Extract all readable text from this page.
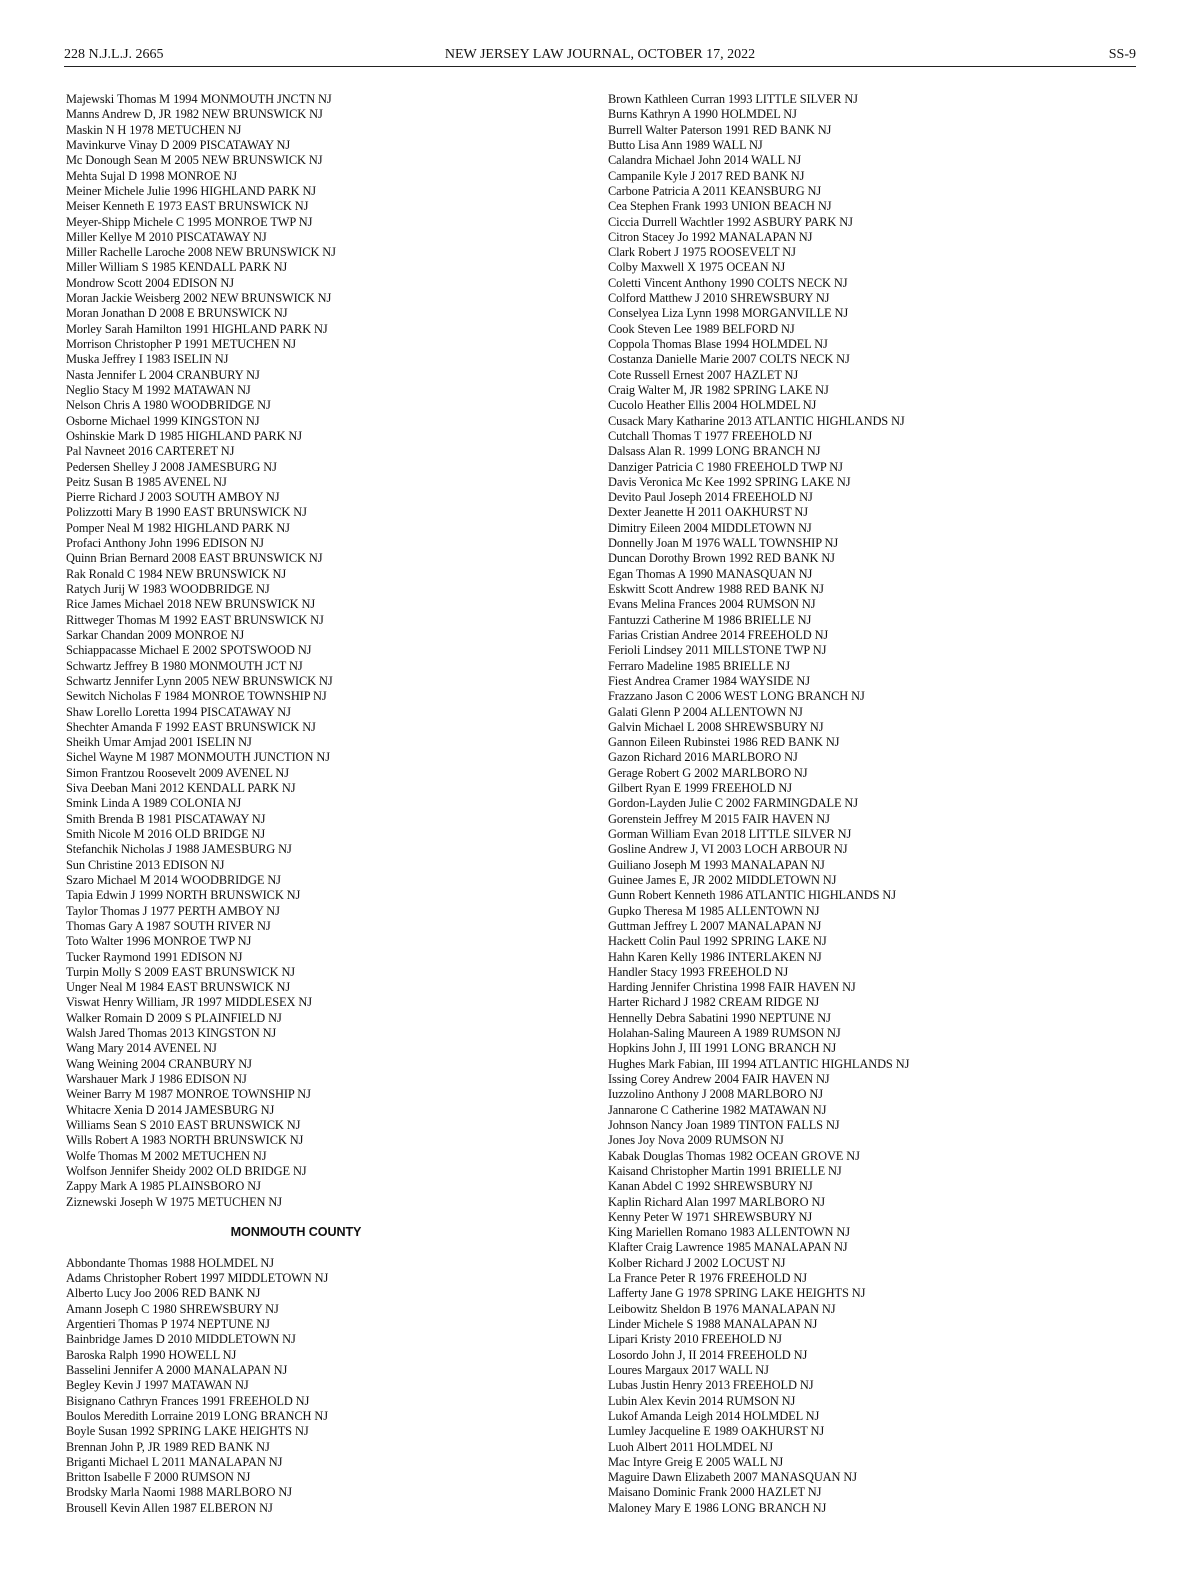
228 N.J.L.J. 2665	NEW JERSEY LAW JOURNAL, OCTOBER 17, 2022	SS-9
Majewski Thomas M 1994 MONMOUTH JNCTN NJ
Manns Andrew D, JR 1982 NEW BRUNSWICK NJ
Maskin N H 1978 METUCHEN NJ
Mavinkurve Vinay D 2009 PISCATAWAY NJ
Mc Donough Sean M 2005 NEW BRUNSWICK NJ
Mehta Sujal D 1998 MONROE NJ
Meiner Michele Julie 1996 HIGHLAND PARK NJ
Meiser Kenneth E 1973 EAST BRUNSWICK NJ
Meyer-Shipp Michele C 1995 MONROE TWP NJ
Miller Kellye M 2010 PISCATAWAY NJ
Miller Rachelle Laroche 2008 NEW BRUNSWICK NJ
Miller William S 1985 KENDALL PARK NJ
Mondrow Scott 2004 EDISON NJ
Moran Jackie Weisberg 2002 NEW BRUNSWICK NJ
Moran Jonathan D 2008 E BRUNSWICK NJ
Morley Sarah Hamilton 1991 HIGHLAND PARK NJ
Morrison Christopher P 1991 METUCHEN NJ
Muska Jeffrey I 1983 ISELIN NJ
Nasta Jennifer L 2004 CRANBURY NJ
Neglio Stacy M 1992 MATAWAN NJ
Nelson Chris A 1980 WOODBRIDGE NJ
Osborne Michael 1999 KINGSTON NJ
Oshinskie Mark D 1985 HIGHLAND PARK NJ
Pal Navneet 2016 CARTERET NJ
Pedersen Shelley J 2008 JAMESBURG NJ
Peitz Susan B 1985 AVENEL NJ
Pierre Richard J 2003 SOUTH AMBOY NJ
Polizzotti Mary B 1990 EAST BRUNSWICK NJ
Pomper Neal M 1982 HIGHLAND PARK NJ
Profaci Anthony John 1996 EDISON NJ
Quinn Brian Bernard 2008 EAST BRUNSWICK NJ
Rak Ronald C 1984 NEW BRUNSWICK NJ
Ratych Jurij W 1983 WOODBRIDGE NJ
Rice James Michael 2018 NEW BRUNSWICK NJ
Rittweger Thomas M 1992 EAST BRUNSWICK NJ
Sarkar Chandan 2009 MONROE NJ
Schiappacasse Michael E 2002 SPOTSWOOD NJ
Schwartz Jeffrey B 1980 MONMOUTH JCT NJ
Schwartz Jennifer Lynn 2005 NEW BRUNSWICK NJ
Sewitch Nicholas F 1984 MONROE TOWNSHIP NJ
Shaw Lorello Loretta 1994 PISCATAWAY NJ
Shechter Amanda F 1992 EAST BRUNSWICK NJ
Sheikh Umar Amjad 2001 ISELIN NJ
Sichel Wayne M 1987 MONMOUTH JUNCTION NJ
Simon Frantzou Roosevelt 2009 AVENEL NJ
Siva Deeban Mani 2012 KENDALL PARK NJ
Smink Linda A 1989 COLONIA NJ
Smith Brenda B 1981 PISCATAWAY NJ
Smith Nicole M 2016 OLD BRIDGE NJ
Stefanchik Nicholas J 1988 JAMESBURG NJ
Sun Christine 2013 EDISON NJ
Szaro Michael M 2014 WOODBRIDGE NJ
Tapia Edwin J 1999 NORTH BRUNSWICK NJ
Taylor Thomas J 1977 PERTH AMBOY NJ
Thomas Gary A 1987 SOUTH RIVER NJ
Toto Walter 1996 MONROE TWP NJ
Tucker Raymond 1991 EDISON NJ
Turpin Molly S 2009 EAST BRUNSWICK NJ
Unger Neal M 1984 EAST BRUNSWICK NJ
Viswat Henry William, JR 1997 MIDDLESEX NJ
Walker Romain D 2009 S PLAINFIELD NJ
Walsh Jared Thomas 2013 KINGSTON NJ
Wang Mary 2014 AVENEL NJ
Wang Weining 2004 CRANBURY NJ
Warshauer Mark J 1986 EDISON NJ
Weiner Barry M 1987 MONROE TOWNSHIP NJ
Whitacre Xenia D 2014 JAMESBURG NJ
Williams Sean S 2010 EAST BRUNSWICK NJ
Wills Robert A 1983 NORTH BRUNSWICK NJ
Wolfe Thomas M 2002 METUCHEN NJ
Wolfson Jennifer Sheidy 2002 OLD BRIDGE NJ
Zappy Mark A 1985 PLAINSBORO NJ
Ziznewski Joseph W 1975 METUCHEN NJ
MONMOUTH COUNTY
Abbondante Thomas 1988 HOLMDEL NJ
Adams Christopher Robert 1997 MIDDLETOWN NJ
Alberto Lucy Joo 2006 RED BANK NJ
Amann Joseph C 1980 SHREWSBURY NJ
Argentieri Thomas P 1974 NEPTUNE NJ
Bainbridge James D 2010 MIDDLETOWN NJ
Baroska Ralph 1990 HOWELL NJ
Basselini Jennifer A 2000 MANALAPAN NJ
Begley Kevin J 1997 MATAWAN NJ
Bisignano Cathryn Frances 1991 FREEHOLD NJ
Boulos Meredith Lorraine 2019 LONG BRANCH NJ
Boyle Susan 1992 SPRING LAKE HEIGHTS NJ
Brennan John P, JR 1989 RED BANK NJ
Briganti Michael L 2011 MANALAPAN NJ
Britton Isabelle F 2000 RUMSON NJ
Brodsky Marla Naomi 1988 MARLBORO NJ
Brousell Kevin Allen 1987 ELBERON NJ
Brown Kathleen Curran 1993 LITTLE SILVER NJ
Burns Kathryn A 1990 HOLMDEL NJ
Burrell Walter Paterson 1991 RED BANK NJ
Butto Lisa Ann 1989 WALL NJ
Calandra Michael John 2014 WALL NJ
Campanile Kyle J 2017 RED BANK NJ
Carbone Patricia A 2011 KEANSBURG NJ
Cea Stephen Frank 1993 UNION BEACH NJ
Ciccia Durrell Wachtler 1992 ASBURY PARK NJ
Citron Stacey Jo 1992 MANALAPAN NJ
Clark Robert J 1975 ROOSEVELT NJ
Colby Maxwell X 1975 OCEAN NJ
Coletti Vincent Anthony 1990 COLTS NECK NJ
Colford Matthew J 2010 SHREWSBURY NJ
Conselyea Liza Lynn 1998 MORGANVILLE NJ
Cook Steven Lee 1989 BELFORD NJ
Coppola Thomas Blase 1994 HOLMDEL NJ
Costanza Danielle Marie 2007 COLTS NECK NJ
Cote Russell Ernest 2007 HAZLET NJ
Craig Walter M, JR 1982 SPRING LAKE NJ
Cucolo Heather Ellis 2004 HOLMDEL NJ
Cusack Mary Katharine 2013 ATLANTIC HIGHLANDS NJ
Cutchall Thomas T 1977 FREEHOLD NJ
Dalsass Alan R. 1999 LONG BRANCH NJ
Danziger Patricia C 1980 FREEHOLD TWP NJ
Davis Veronica Mc Kee 1992 SPRING LAKE NJ
Devito Paul Joseph 2014 FREEHOLD NJ
Dexter Jeanette H 2011 OAKHURST NJ
Dimitry Eileen 2004 MIDDLETOWN NJ
Donnelly Joan M 1976 WALL TOWNSHIP NJ
Duncan Dorothy Brown 1992 RED BANK NJ
Egan Thomas A 1990 MANASQUAN NJ
Eskwitt Scott Andrew 1988 RED BANK NJ
Evans Melina Frances 2004 RUMSON NJ
Fantuzzi Catherine M 1986 BRIELLE NJ
Farias Cristian Andree 2014 FREEHOLD NJ
Ferioli Lindsey 2011 MILLSTONE TWP NJ
Ferraro Madeline 1985 BRIELLE NJ
Fiest Andrea Cramer 1984 WAYSIDE NJ
Frazzano Jason C 2006 WEST LONG BRANCH NJ
Galati Glenn P 2004 ALLENTOWN NJ
Galvin Michael L 2008 SHREWSBURY NJ
Gannon Eileen Rubinstei 1986 RED BANK NJ
Gazon Richard 2016 MARLBORO NJ
Gerage Robert G 2002 MARLBORO NJ
Gilbert Ryan E 1999 FREEHOLD NJ
Gordon-Layden Julie C 2002 FARMINGDALE NJ
Gorenstein Jeffrey M 2015 FAIR HAVEN NJ
Gorman William Evan 2018 LITTLE SILVER NJ
Gosline Andrew J, VI 2003 LOCH ARBOUR NJ
Guiliano Joseph M 1993 MANALAPAN NJ
Guinee James E, JR 2002 MIDDLETOWN NJ
Gunn Robert Kenneth 1986 ATLANTIC HIGHLANDS NJ
Gupko Theresa M 1985 ALLENTOWN NJ
Guttman Jeffrey L 2007 MANALAPAN NJ
Hackett Colin Paul 1992 SPRING LAKE NJ
Hahn Karen Kelly 1986 INTERLAKEN NJ
Handler Stacy 1993 FREEHOLD NJ
Harding Jennifer Christina 1998 FAIR HAVEN NJ
Harter Richard J 1982 CREAM RIDGE NJ
Hennelly Debra Sabatini 1990 NEPTUNE NJ
Holahan-Saling Maureen A 1989 RUMSON NJ
Hopkins John J, III 1991 LONG BRANCH NJ
Hughes Mark Fabian, III 1994 ATLANTIC HIGHLANDS NJ
Issing Corey Andrew 2004 FAIR HAVEN NJ
Iuzzolino Anthony J 2008 MARLBORO NJ
Jannarone C Catherine 1982 MATAWAN NJ
Johnson Nancy Joan 1989 TINTON FALLS NJ
Jones Joy Nova 2009 RUMSON NJ
Kabak Douglas Thomas 1982 OCEAN GROVE NJ
Kaisand Christopher Martin 1991 BRIELLE NJ
Kanan Abdel C 1992 SHREWSBURY NJ
Kaplin Richard Alan 1997 MARLBORO NJ
Kenny Peter W 1971 SHREWSBURY NJ
King Mariellen Romano 1983 ALLENTOWN NJ
Klafter Craig Lawrence 1985 MANALAPAN NJ
Kolber Richard J 2002 LOCUST NJ
La France Peter R 1976 FREEHOLD NJ
Lafferty Jane G 1978 SPRING LAKE HEIGHTS NJ
Leibowitz Sheldon B 1976 MANALAPAN NJ
Linder Michele S 1988 MANALAPAN NJ
Lipari Kristy 2010 FREEHOLD NJ
Losordo John J, II 2014 FREEHOLD NJ
Loures Margaux 2017 WALL NJ
Lubas Justin Henry 2013 FREEHOLD NJ
Lubin Alex Kevin 2014 RUMSON NJ
Lukof Amanda Leigh 2014 HOLMDEL NJ
Lumley Jacqueline E 1989 OAKHURST NJ
Luoh Albert 2011 HOLMDEL NJ
Mac Intyre Greig E 2005 WALL NJ
Maguire Dawn Elizabeth 2007 MANASQUAN NJ
Maisano Dominic Frank 2000 HAZLET NJ
Maloney Mary E 1986 LONG BRANCH NJ
